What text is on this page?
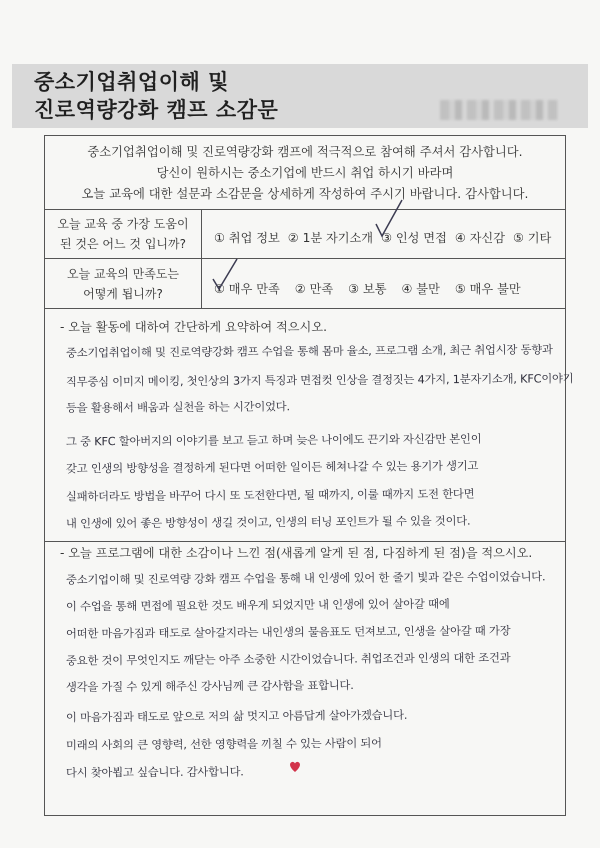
중소기업취업이해 및
진로역량강화 캠프 소감문
중소기업취업이해 및 진로역량강화 캠프에 적극적으로 참여해 주셔서 감사합니다.
당신이 원하시는 중소기업에 반드시 취업 하시기 바라며
오늘 교육에 대한 설문과 소감문을 상세하게 작성하여 주시기 바랍니다. 감사합니다.
오늘 교육 중 가장 도움이
된 것은 어느 것 입니까?	① 취업 정보 ② 1분 자기소개 ③ 인성 면접 ④ 자신감 ⑤ 기타
오늘 교육의 만족도는
어떻게 됩니까?	① 매우 만족 ② 만족 ③ 보통 ④ 불만 ⑤ 매우 불만
- 오늘 활동에 대하여 간단하게 요약하여 적으시오.
중소기업취업이해 및 진로역량강화 캠프 수업을 통해 몸마 율소, 프로그램 소개, 최근 취업시장 동향과
직무중심 이미지 메이킹, 첫인상의 3가지 특징과 면접컷 인상을 결정짓는 4가지, 1분자기소개, KFC이야기
등을 활용해서 배움과 실천을 하는 시간이었다.
그 중 KFC 할아버지의 이야기를 보고 듣고 하며 늦은 나이에도 끈기와 자신감만 본인이
갖고 인생의 방향성을 결정하게 된다면 어떠한 일이든 헤쳐나갈 수 있는 용기가 생기고
실패하더라도 방법을 바꾸어 다시 또 도전한다면, 될 때까지, 이룰 때까지 도전 한다면
내 인생에 있어 좋은 방향성이 생길 것이고, 인생의 터닝 포인트가 될 수 있을 것이다.
- 오늘 프로그램에 대한 소감이나 느낀 점(새롭게 알게 된 점, 다짐하게 된 점)을 적으시오.
중소기업이해 및 진로역량 강화 캠프 수업을 통해 내 인생에 있어 한 줄기 빛과 같은 수업이었습니다.
이 수업을 통해 면접에 필요한 것도 배우게 되었지만 내 인생에 있어 살아갈 때에
어떠한 마음가짐과 태도로 살아갈지라는 내인생의 물음표도 던져보고, 인생을 살아갈 때 가장
중요한 것이 무엇인지도 깨닫는 아주 소중한 시간이었습니다. 취업조건과 인생의 대한 조건과
생각을 가질 수 있게 해주신 강사님께 큰 감사함을 표합니다.
이 마음가짐과 태도로 앞으로 저의 삶 멋지고 아름답게 살아가겠습니다.
미래의 사회의 큰 영향력, 선한 영향력을 끼칠 수 있는 사람이 되어
다시 찾아뵙고 싶습니다. 감사합니다.
